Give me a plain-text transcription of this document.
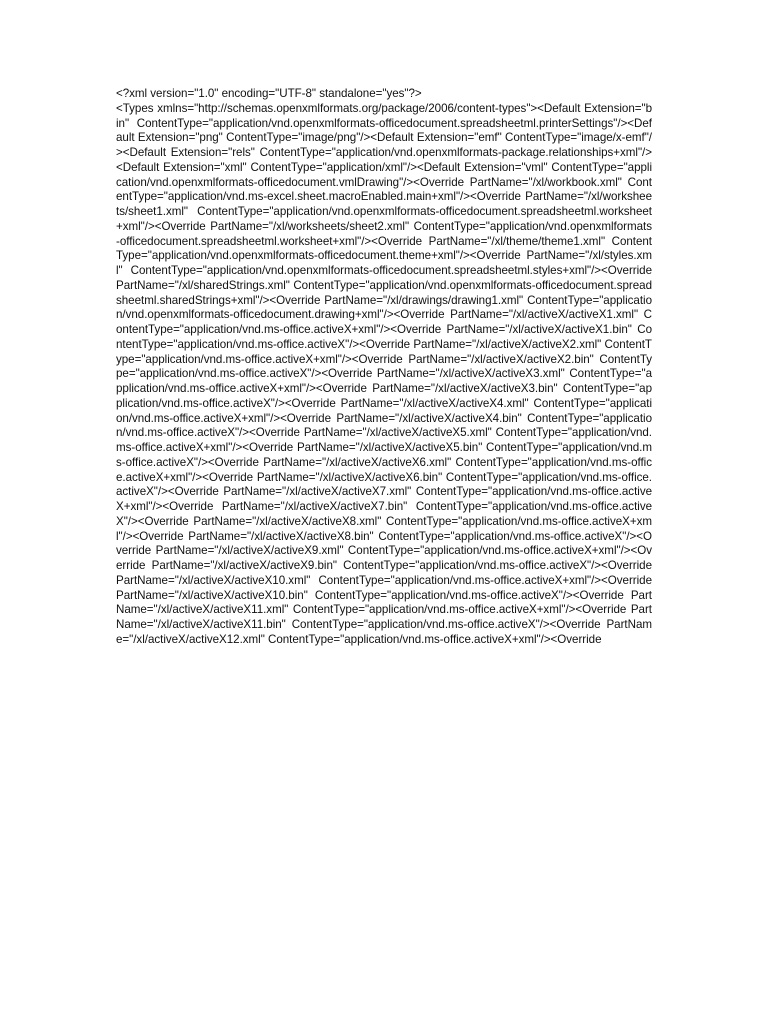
<?xml version="1.0" encoding="UTF-8" standalone="yes"?>
<Types xmlns="http://schemas.openxmlformats.org/package/2006/content-types"><Default Extension="bin" ContentType="application/vnd.openxmlformats-officedocument.spreadsheetml.printerSettings"/><Default Extension="png" ContentType="image/png"/><Default Extension="emf" ContentType="image/x-emf"/><Default Extension="rels" ContentType="application/vnd.openxmlformats-package.relationships+xml"/><Default Extension="xml" ContentType="application/xml"/><Default Extension="vml" ContentType="application/vnd.openxmlformats-officedocument.vmlDrawing"/><Override PartName="/xl/workbook.xml" ContentType="application/vnd.ms-excel.sheet.macroEnabled.main+xml"/><Override PartName="/xl/worksheets/sheet1.xml" ContentType="application/vnd.openxmlformats-officedocument.spreadsheetml.worksheet+xml"/><Override PartName="/xl/worksheets/sheet2.xml" ContentType="application/vnd.openxmlformats-officedocument.spreadsheetml.worksheet+xml"/><Override PartName="/xl/theme/theme1.xml" ContentType="application/vnd.openxmlformats-officedocument.theme+xml"/><Override PartName="/xl/styles.xml" ContentType="application/vnd.openxmlformats-officedocument.spreadsheetml.styles+xml"/><Override PartName="/xl/sharedStrings.xml" ContentType="application/vnd.openxmlformats-officedocument.spreadsheetml.sharedStrings+xml"/><Override PartName="/xl/drawings/drawing1.xml" ContentType="application/vnd.openxmlformats-officedocument.drawing+xml"/><Override PartName="/xl/activeX/activeX1.xml" ContentType="application/vnd.ms-office.activeX+xml"/><Override PartName="/xl/activeX/activeX1.bin" ContentType="application/vnd.ms-office.activeX"/><Override PartName="/xl/activeX/activeX2.xml" ContentType="application/vnd.ms-office.activeX+xml"/><Override PartName="/xl/activeX/activeX2.bin" ContentType="application/vnd.ms-office.activeX"/><Override PartName="/xl/activeX/activeX3.xml" ContentType="application/vnd.ms-office.activeX+xml"/><Override PartName="/xl/activeX/activeX3.bin" ContentType="application/vnd.ms-office.activeX"/><Override PartName="/xl/activeX/activeX4.xml" ContentType="application/vnd.ms-office.activeX+xml"/><Override PartName="/xl/activeX/activeX4.bin" ContentType="application/vnd.ms-office.activeX"/><Override PartName="/xl/activeX/activeX5.xml" ContentType="application/vnd.ms-office.activeX+xml"/><Override PartName="/xl/activeX/activeX5.bin" ContentType="application/vnd.ms-office.activeX"/><Override PartName="/xl/activeX/activeX6.xml" ContentType="application/vnd.ms-office.activeX+xml"/><Override PartName="/xl/activeX/activeX6.bin" ContentType="application/vnd.ms-office.activeX"/><Override PartName="/xl/activeX/activeX7.xml" ContentType="application/vnd.ms-office.activeX+xml"/><Override PartName="/xl/activeX/activeX7.bin" ContentType="application/vnd.ms-office.activeX"/><Override PartName="/xl/activeX/activeX8.xml" ContentType="application/vnd.ms-office.activeX+xml"/><Override PartName="/xl/activeX/activeX8.bin" ContentType="application/vnd.ms-office.activeX"/><Override PartName="/xl/activeX/activeX9.xml" ContentType="application/vnd.ms-office.activeX+xml"/><Override PartName="/xl/activeX/activeX9.bin" ContentType="application/vnd.ms-office.activeX"/><Override PartName="/xl/activeX/activeX10.xml" ContentType="application/vnd.ms-office.activeX+xml"/><Override PartName="/xl/activeX/activeX10.bin" ContentType="application/vnd.ms-office.activeX"/><Override PartName="/xl/activeX/activeX11.xml" ContentType="application/vnd.ms-office.activeX+xml"/><Override PartName="/xl/activeX/activeX11.bin" ContentType="application/vnd.ms-office.activeX"/><Override PartName="/xl/activeX/activeX12.xml" ContentType="application/vnd.ms-office.activeX+xml"/><Override
